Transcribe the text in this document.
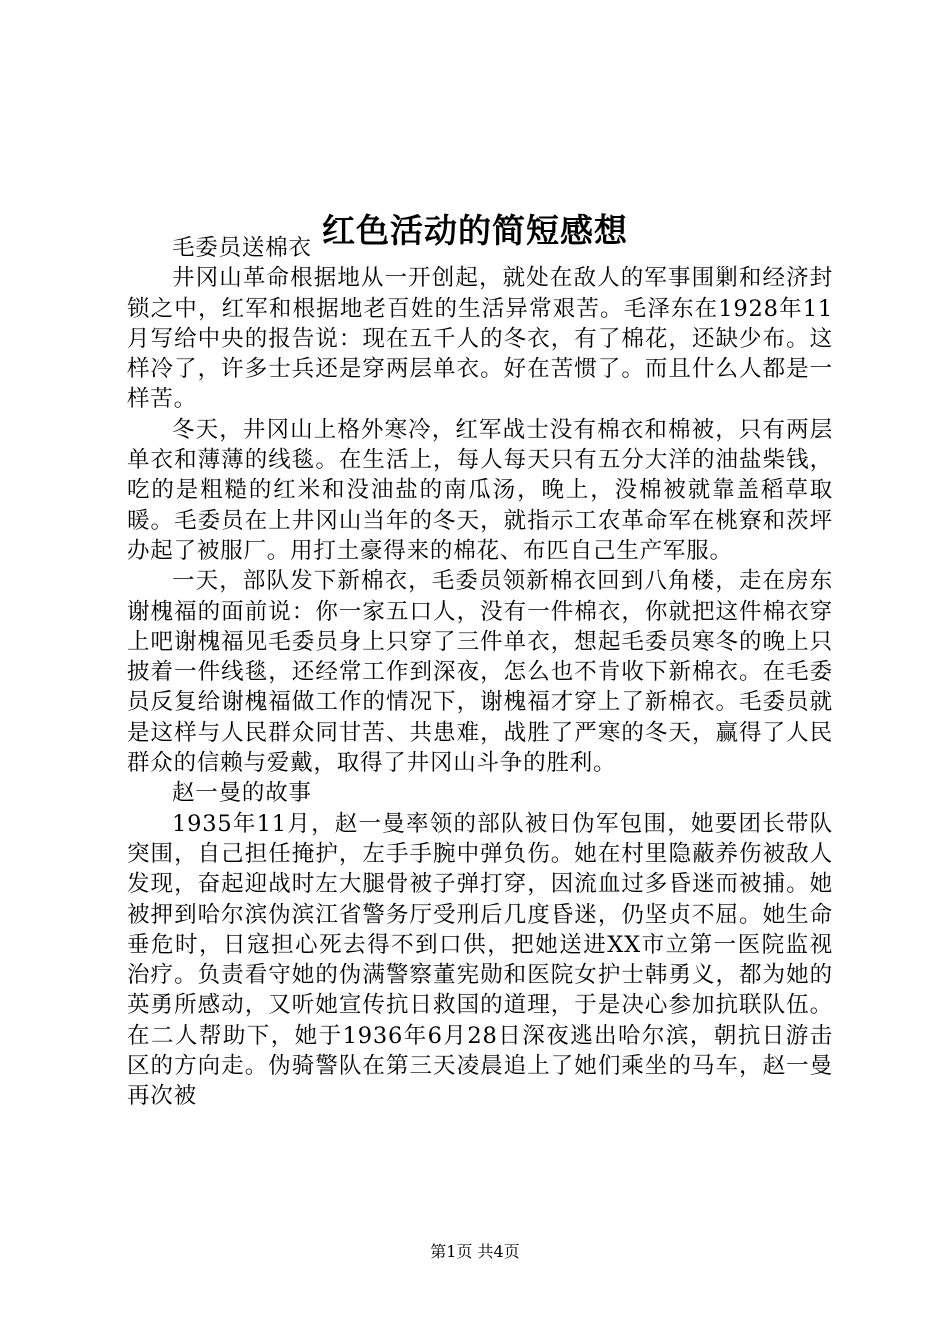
红色活动的简短感想

毛委员送棉衣

井冈山革命根据地从一开创起，就处在敌人的军事围剿和经济封锁之中，红军和根据地老百姓的生活异常艰苦。毛泽东在1928年11月写给中央的报告说：现在五千人的冬衣，有了棉花，还缺少布。这样冷了，许多士兵还是穿两层单衣。好在苦惯了。而且什么人都是一样苦。

冬天，井冈山上格外寒冷，红军战士没有棉衣和棉被，只有两层单衣和薄薄的线毯。在生活上，每人每天只有五分大洋的油盐柴钱，吃的是粗糙的红米和没油盐的南瓜汤，晚上，没棉被就靠盖稻草取暖。毛委员在上井冈山当年的冬天，就指示工农革命军在桃寮和茨坪办起了被服厂。用打土豪得来的棉花、布匹自己生产军服。

一天，部队发下新棉衣，毛委员领新棉衣回到八角楼，走在房东谢槐福的面前说：你一家五口人，没有一件棉衣，你就把这件棉衣穿上吧谢槐福见毛委员身上只穿了三件单衣，想起毛委员寒冬的晚上只披着一件线毯，还经常工作到深夜，怎么也不肯收下新棉衣。在毛委员反复给谢槐福做工作的情况下，谢槐福才穿上了新棉衣。毛委员就是这样与人民群众同甘苦、共患难，战胜了严寒的冬天，赢得了人民群众的信赖与爱戴，取得了井冈山斗争的胜利。

赵一曼的故事

1935年11月，赵一曼率领的部队被日伪军包围，她要团长带队突围，自己担任掩护，左手手腕中弹负伤。她在村里隐蔽养伤被敌人发现，奋起迎战时左大腿骨被子弹打穿，因流血过多昏迷而被捕。她被押到哈尔滨伪滨江省警务厅受刑后几度昏迷，仍坚贞不屈。她生命垂危时，日寇担心死去得不到口供，把她送进XX市立第一医院监视治疗。负责看守她的伪满警察董宪勋和医院女护士韩勇义，都为她的英勇所感动，又听她宣传抗日救国的道理，于是决心参加抗联队伍。在二人帮助下，她于1936年6月28日深夜逃出哈尔滨，朝抗日游击区的方向走。伪骑警队在第三天凌晨追上了她们乘坐的马车，赵一曼再次被

第1页 共4页
